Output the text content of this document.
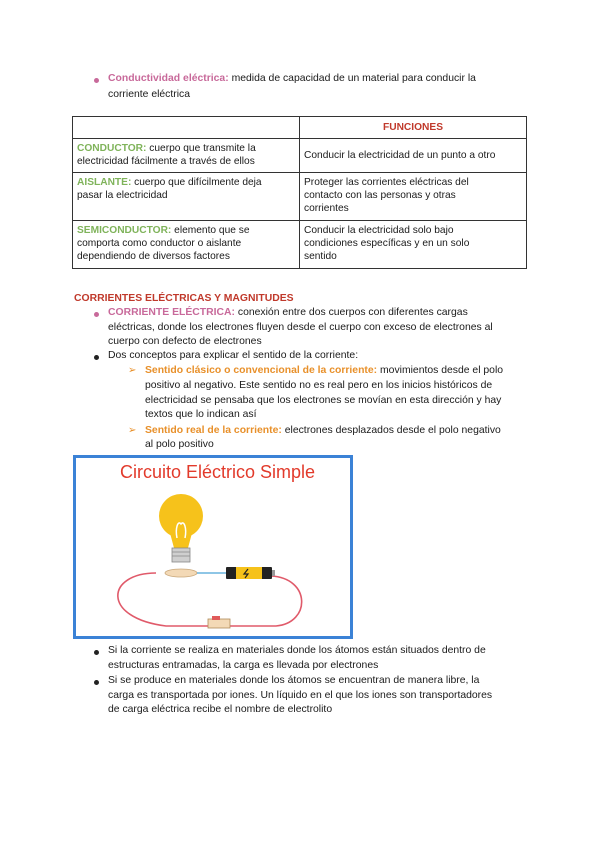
Conductividad eléctrica: medida de capacidad de un material para conducir la
corriente eléctrica
	FUNCIONES
CONDUCTOR: cuerpo que transmite la
electricidad fácilmente a través de ellos	Conducir la electricidad de un punto a otro
AISLANTE: cuerpo que difícilmente deja
pasar la electricidad	Proteger las corrientes eléctricas del
contacto con las personas y otras
corrientes
SEMICONDUCTOR: elemento que se
comporta como conductor o aislante
dependiendo de diversos factores	Conducir la electricidad solo bajo
condiciones específicas y en un solo
sentido
CORRIENTES ELÉCTRICAS Y MAGNITUDES
CORRIENTE ELÉCTRICA: conexión entre dos cuerpos con diferentes cargas
eléctricas, donde los electrones fluyen desde el cuerpo con exceso de electrones al
cuerpo con defecto de electrones
Dos conceptos para explicar el sentido de la corriente:
➢ Sentido clásico o convencional de la corriente: movimientos desde el polo
positivo al negativo. Este sentido no es real pero en los inicios históricos de
electricidad se pensaba que los electrones se movían en esta dirección y hay
textos que lo indican así
➢ Sentido real de la corriente: electrones desplazados desde el polo negativo
al polo positivo
Circuito Eléctrico Simple
Si la corriente se realiza en materiales donde los átomos están situados dentro de
estructuras entramadas, la carga es llevada por electrones
Si se produce en materiales donde los átomos se encuentran de manera libre, la
carga es transportada por iones. Un líquido en el que los iones son transportadores
de carga eléctrica recibe el nombre de electrolito
